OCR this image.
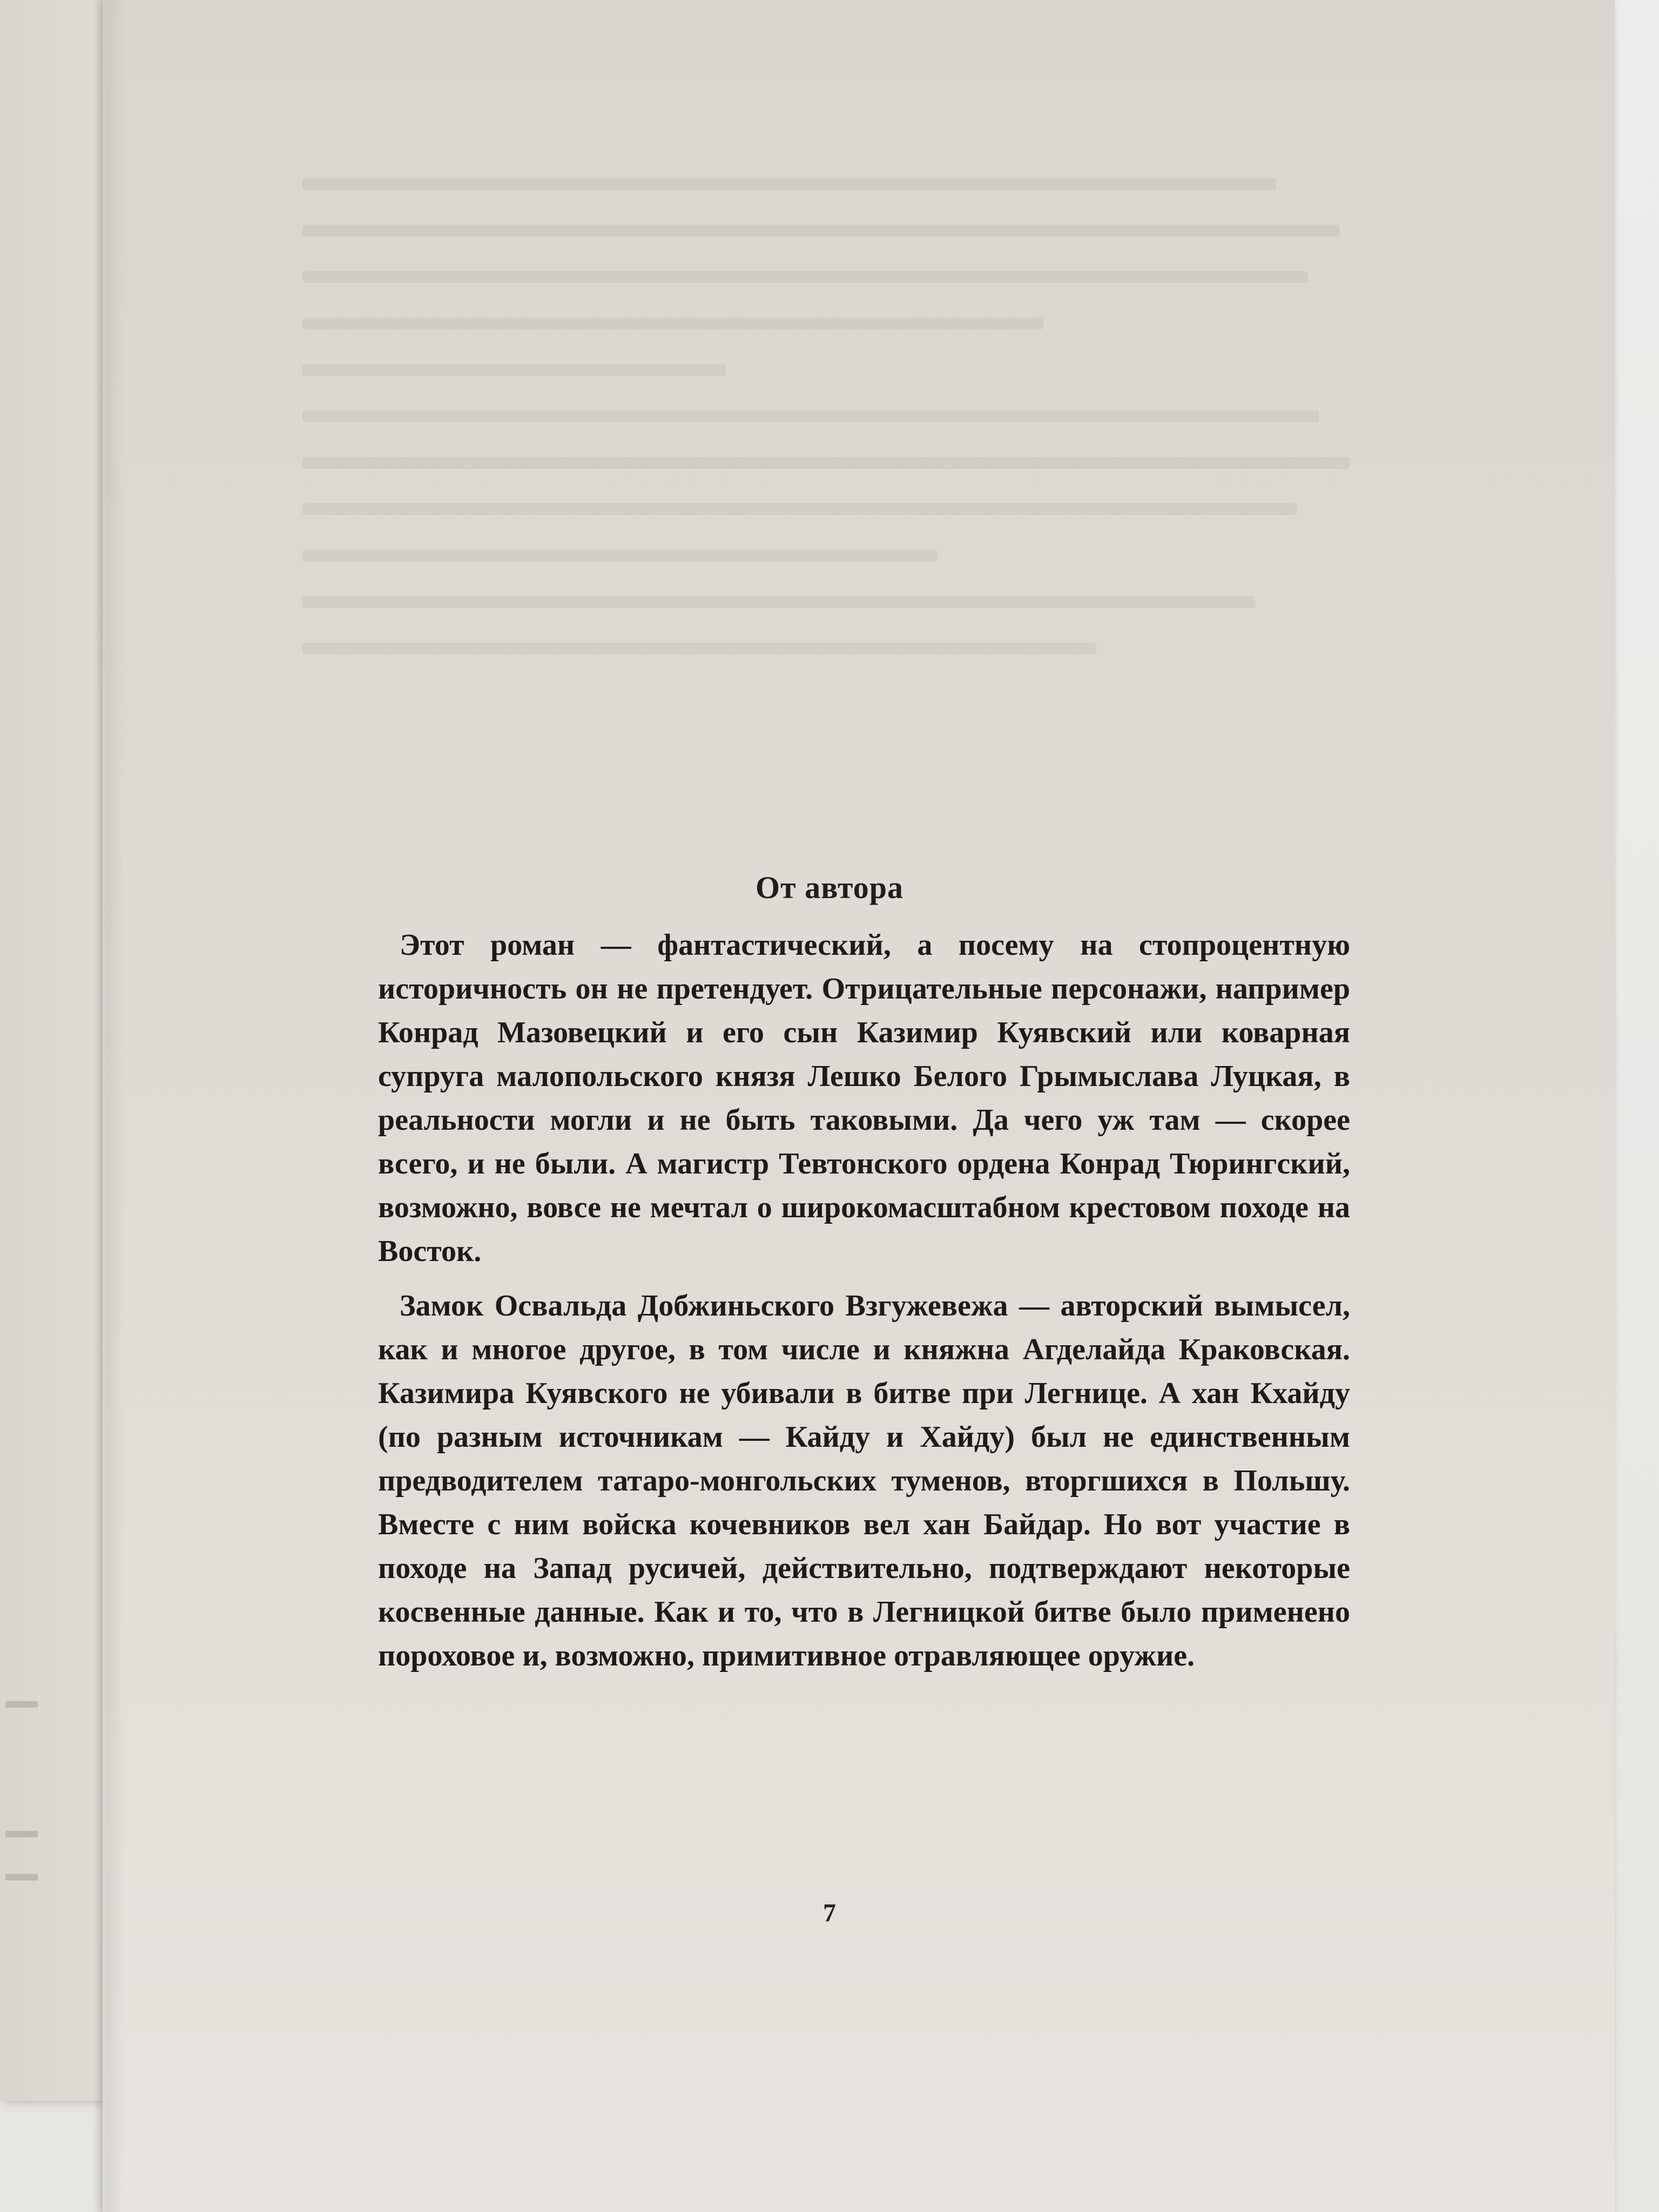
От автора

Этот роман — фантастический, а посему на стопроцентную историчность он не претендует. Отрицательные персонажи, например Конрад Мазовецкий и его сын Казимир Куявский или коварная супруга малопольского князя Лешко Белого Грымыслава Луцкая, в реальности могли и не быть таковыми. Да чего уж там — скорее всего, и не были. А магистр Тевтонского ордена Конрад Тюрингский, возможно, вовсе не мечтал о широкомасштабном крестовом походе на Восток.

Замок Освальда Добжиньского Взгужевежа — авторский вымысел, как и многое другое, в том числе и княжна Агделайда Краковская. Казимира Куявского не убивали в битве при Легнице. А хан Кхайду (по разным источникам — Кайду и Хайду) был не единственным предводителем татаро-монгольских туменов, вторгшихся в Польшу. Вместе с ним войска кочевников вел хан Байдар. Но вот участие в походе на Запад русичей, действительно, подтверждают некоторые косвенные данные. Как и то, что в Легницкой битве было применено пороховое и, возможно, примитивное отравляющее оружие.

7
